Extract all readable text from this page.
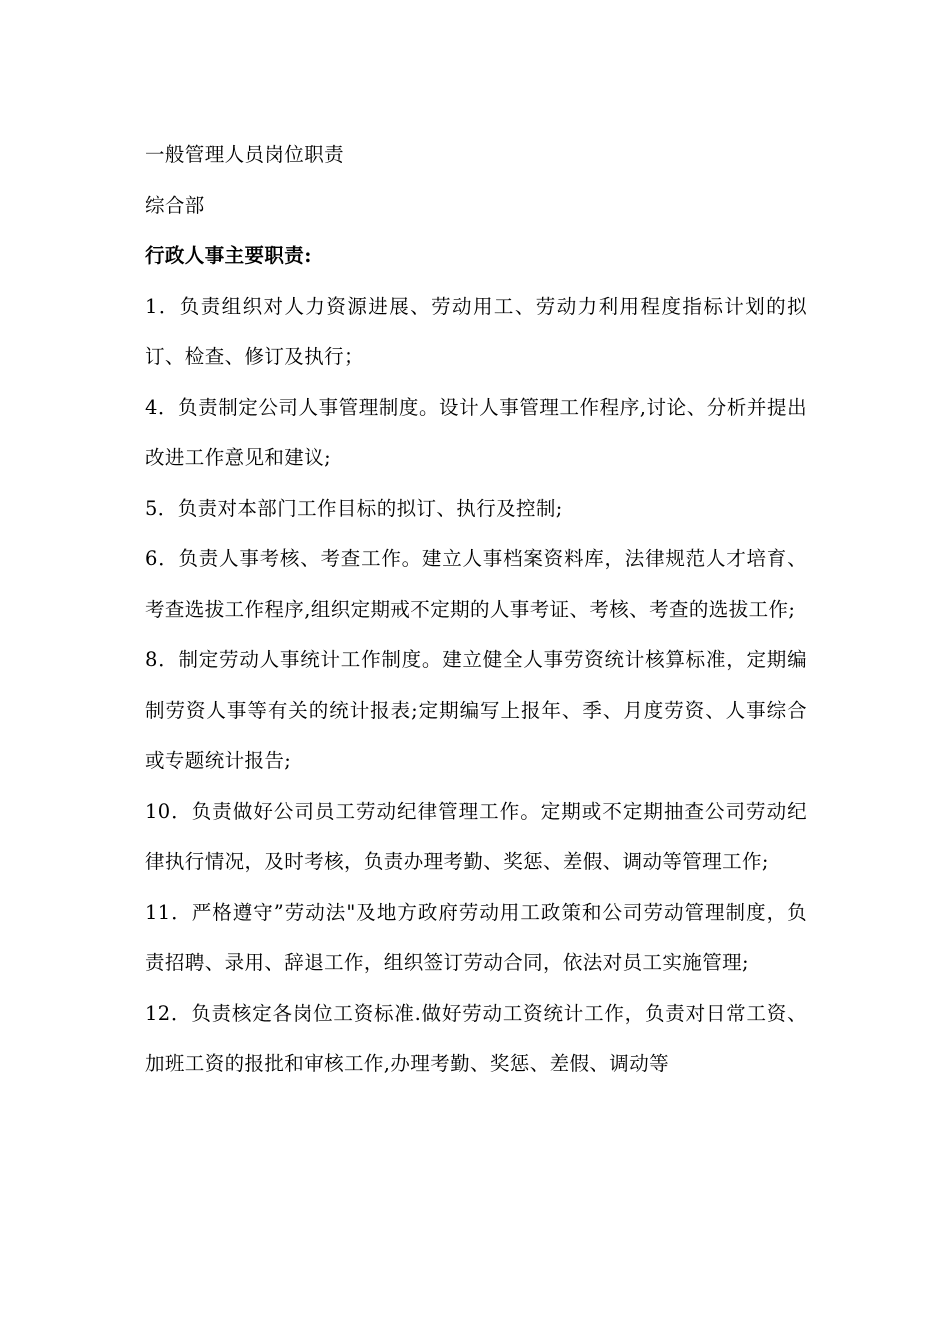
一般管理人员岗位职责

综合部

行政人事主要职责:

1．负责组织对人力资源进展、劳动用工、劳动力利用程度指标计划的拟订、检查、修订及执行；

4．负责制定公司人事管理制度。设计人事管理工作程序,讨论、分析并提出改进工作意见和建议;

5．负责对本部门工作目标的拟订、执行及控制;

6．负责人事考核、考查工作。建立人事档案资料库，法律规范人才培育、考查选拔工作程序,组织定期戒不定期的人事考证、考核、考查的选拔工作;

8．制定劳动人事统计工作制度。建立健全人事劳资统计核算标准，定期编制劳资人事等有关的统计报表;定期编写上报年、季、月度劳资、人事综合或专题统计报告;

10．负责做好公司员工劳动纪律管理工作。定期或不定期抽查公司劳动纪律执行情况，及时考核，负责办理考勤、奖惩、差假、调动等管理工作;

11．严格遵守”劳动法"及地方政府劳动用工政策和公司劳动管理制度，负责招聘、录用、辞退工作，组织签订劳动合同，依法对员工实施管理;

12．负责核定各岗位工资标准.做好劳动工资统计工作，负责对日常工资、加班工资的报批和审核工作,办理考勤、奖惩、差假、调动等
